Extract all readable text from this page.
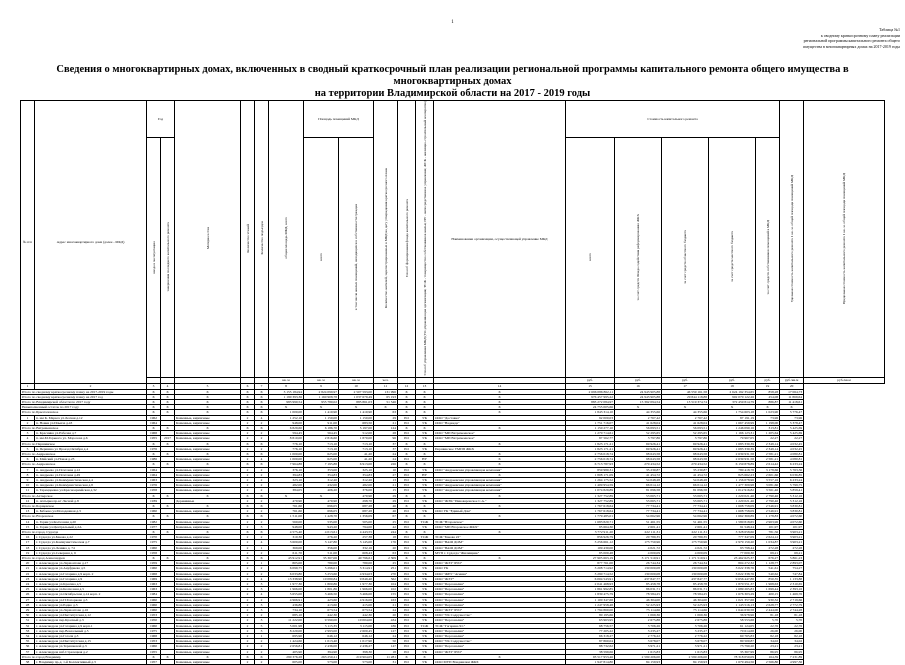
1
Таблица №1
к сводному краткосрочному плану реализации
региональной программы капитального ремонта общего
имущества в многоквартирных домах на 2017-2019 годы
Сведения о многоквартирных домах, включенных в сводный краткосрочный план реализации региональной программы капитального ремонта общего имущества в многоквартирных домах
на территории Владимирской области на 2017 - 2019 годы
№ п/п	Адрес многоквартирного дома (далее - МКД)	Год		Материал стен	Количество этажей	Количество подъездов	общая площадь МКД, всего	Площадь помещений МКД		Количество жителей, зарегистрированных в МКД на дату утверждения краткосрочного плана	Способ формирования фонда капитального ремонта	Способ управления МКД (УО-управляющая организация; ТСЖ - товарищество собственников жилья; НУ - непосредственное управление; ЖСК - жилищно-строительный кооператив)	Наименование организации, осуществляющей управление МКД	Стоимость капитального ремонта					Удельная стоимость капитального ремонта 1 кв. м. общей площади помещений МКД	Предельная стоимость капитального ремонта 1 кв. м. общей площади помещений МКД
		ввода в эксплуатацию	завершения последнего капитального ремонта					всего	в том числе жилых помещений, находящихся в собственности граждан					всего	за счет средств Фонда содействия реформированию ЖКХ	за счет средств областного бюджета	за счет средств местного бюджета	за счет средств собственников помещений в МКД		
							кв. м	кв. м	кв. м	чел.				руб.	руб.	руб.	руб.	руб.	руб./кв.м	руб./кв.м
1	2	3	4	5	6	7	8	9	10	11	12	13	14	15	16	17	18	19	20	
Итого по сводному краткосрочному плану на 2017-2019 годы		X	X	X	X	X	3 155 184,94	2 824 099,97	2 507 593,00	131 996	X	X	X	2 696 086 862,11	24 943 905,88	46 559 161,58	2 624 192 354,65	858,28	17 064,73	
Итого по сводному краткосрочному плану на 2017 год		X	X	X	X	X	1 190 393,36	1 160 908,78	1 037 679,49	65 193	X	X	X	976 457 995,22	24 943 905,88	29 844 118,88	902 070 122,26	454,08	11 869,64	
Итого по Владимирской области по 2017 году		X	X	X	X	X	983 990,54	955 780,02	885 861,03	51 546	X	X	X	883 272 084,97	15 392 094,54	13 519 374,74	372 459 814,79	886,87	11 418,61	
Невыполненный остаток по 2017 году		X	X	X	X	X	X	X	X	X	X	X	X	24 755 005,66	X	X	X	X	X	
Итого по Брызгаловское		X	X	X	X	X	1 000,00	1 410,90	1 410,90	63	X	X	X	1 843 314,10	44 355,66	44 355,66	1 754 603,18	1 023,90	5 776,47	
1	п. им К. Маркса ул.Лесная д.12	1962		Каменные, кирпичные	2	4	1 252,10	1 150,00	1 150,00	29	РО	УК	ООО "Доставка"	92 000,03	2 767,42	2 767,42	87 191,19	73,96	73,96	
2	п. Новки ул.Ильича д.43	1964		Каменные, кирпичные	2	2	948,00	911,00	683,50	21	РО	УК	ООО "Надежда"	1 751 716,07	41 628,04	41 628,04	1 667 459,99	1 198,00	5 378,47	
Итого по Ватрамеевское		X	X	X	X	X	6 829,60	6 186,70	5 197,00	124	X	X	X	1 150 277,10	56 093,51	56 093,51	1 246 090,16	313,81	5 425,69	
3	п. Краснина ул.Рабочая д.7	1968		Каменные, кирпичные	2	2	594,45	564,45	512,00	28	РО	УК	ООО "МП Ватрамеевское"	1 270 714,61	52 295,65	52 295,65	1 166 123,31	1 205,64	5 425,69	
4	п. им.М.Горького ул. Морозова д.6	1955	2017	Каменные, кирпичные	2	2	8 810,00	2 816,60	1 870,00	96	РО	УК	ООО "МП Ватрамеевское"	87 562,77	3 797,86	3 797,86	79 967,05	22,27	22,27	
Итого по Першинское		X	X	X	X	X	776,10	713,10	713,10	37	X	X	X	1 823 171,21	69 926,41	69 926,41	1 683 330,39	2 349,14	4 032,45	
5	п. Першино ул Проезд Октября д.4	1976		Каменные, кирпичные	2	2	776,10	713,10	713,10	37	РО	УК	Першинское УМПП ЖКХ	1 823 171,21	69 926,41	69 926,41	1 683 330,39	2 349,14	4 032,45	
Итого по Андреевское		X	X	X	X	X	1 000,00	625,00	41,20	24	X	X	X	2 756 018,74	98 643,58	98 643,58	2 639 931,58	2 581,21	4 080,81	
6	п. Майский ул.Новая д.23	1986		Каменные, кирпичные	2	4	1 000,00	625,00	41,20	24	РО	НУ	X	2 756 018,74	98 643,58	98 643,58	2 639 931,58	2 581,21	4 080,81	
Итого по Андреевское		X	X	X	X	X	7 964,88	7 195,88	6 913,00	226	X	X	X	6 713 787,93	270 434,52	270 434,52	6 159 878,89	2 614,42	6 233,24	
7	п. Андреево ул.Почтовая д.12	1964		Каменные, кирпичные	2	2	376,10	353,00	325,10	10	РО	УК	ООО "Андреевская управляющая компания"	859 980,31	35 230,87	35 230,87	780 418,78	3 178,66	5 763,36	
8	п. Андреево ул.Почтовая д.49	1964		Каменные, кирпичные	2	2	394,83	354,83	354,83	27	РО	НУ	X	1 808 171,09	41 454,72	41 454,72	825 662,23	2 601,66	6 036,85	
9	п. Андреево ул.Коммунистическая д.4	1963		Каменные, кирпичные	2	2	323,10	312,20	312,20	13	РО	УК	ООО "Андреевская управляющая компания"	1 264 175,52	54 048,28	54 048,28	1 156 078,96	3 557,16	6 233,24	
10	п. Андреево ул.Коммунистическая д.8	1976		Каменные, кирпичные	2	2	482,00	432,00	482,00	21	РО	УК	ООО "Андреевская управляющая компания"	1 409 954,59	66 014,12	66 014,12	1 477 309,98	3 081,66	5 799,75	
11	п. Теремдеевка ул.Красноармейская д.32	1958		Каменные, кирпичные	2	2	384,05	406,20	376,00	15	РО	УК	ООО "Андреевская управляющая компания"	1 074 829,89	81 096,58	81 096,58	1 012 916,82	3 561,46	5 859,41	
Итого по Ахтырское		X	X	X	X	X	X	X	470,90	29	X	X	X	1 327 752,89	53 065,71	53 065,71	1 220 021,46	2 790,46	5 312,16	
12	п. Ахтырка пр-кт Лесной д.8	1939		Деревянные	2	2	470,90	470,90	298,70	29	РО	УК	ООО "ЖЭК "Пивоваровское С.А."	1 327 752,89	53 065,71	53 065,71	1 220 021,46	2 790,46	5 312,16	
Итого по Борщевское		X	X	X	X	X	761,60	696,05	687,28	46	X	X	X	1 767 618,64	77 734,41	77 734,41	1 608 758,09	2 546,91	3 830,81	
13	п. Бабаево ул.Молодежная д.3	1960		Каменные, кирпичные	2	2	761,60	696,05	687,28	46	РО	УК	ООО УК "Единый Дом"	1 767 618,64	77 734,41	77 734,41	1 608 758,09	2 546,91	3 830,81	
Итого по Второвское		X	X	X	X	X	1 511,00	1 428,70	1 356,09	67	X	X	X	1 779 485,01	54 062,96	54 062,96	1 662 369,89	1 178,83	4 072,60	
14	п. Горки ул.Колхозная д.20	1982		Каменные, кирпичные	2	2	560,00	535,00	505,00	25	РО	ТСЖ	ТСЖ "Второвское"	1 683 820,71	51 461,55	51 461,55	1 580 818,65	2 963,96	4 072,60	
15	п. Горки ул.Центральный д.2А	1977		Каменные, кирпичные	2	3	948,00	943,20	794,00	42	РО	УК	ООО "МП Второвское ЖКХ"	95 664,30	2 601,41	2 601,41	91 548,24	101,97	101,97	
Итого по город. Судогда		X	X	X	X	X	4 575,40	4 013,61	4 443,55	244	X	X	X	3 772 911,20	222 111,31	222 111,31	3 328 658,66	781,56	3 903,21	
16	г. Судогда ул.Бакова д.22	1970		Каменные, кирпичные	2	2	310,30	276,20	257,38	18	РО	ТСЖ	ТСЖ "Бакова 22"	856 926,79	20 789,35	20 789,35	777 347,09	2 624,12	3 903,21	
17	г. Судогда ул.Коммунистическая д.7	1975		Каменные, кирпичные	2	4	3 600,00	3 147,80	3 145,00	176	РО	УК	ООО "ВАШ ДОМ"	3 256 661,12	173 750,96	173 750,96	2 979 159,20	1 034,87	3 903,21	
18	г. Судогда ул.Ленина д. 74	1960		Каменные, кирпичные	2	1	369,00	356,00	332,16	20	РО	УК	ООО "ВАШ ДОМ"	109 430,00	4 021,72	4 021,72	93 798,44	272,28	272,28	
19	г. Судогда ул.Северная д. 6	1958		Каменные, кирпичные	2	2	611,70	511,00	608,43	63	РО	УК	МУП г. Судогда "Жилищник"	85 000,48	4 000,09	4 000,09	77 000,30	69,21	69,21	
Итого по город Александров		X	X	X	X	X	43 912,91	35 367,06	40 796,61	2 309	X	X	X	27 905 663,19	3 171 510,91	1 171 510,91	23 462 625,37	676,27	5 861,23	
20	г. Александров ул.Лермонтова д.17	1959		Каменные, кирпичные	2	1	805,00	780,00	780,00	25	РО	УК	ООО "ЖЭУ ЧУО"	877 761,00	26 744,34	26 744,34	804 272,32	1 128,77	2 893,07	
21	г. Александров ул.Ануфриева д.5	1960		Каменные, кирпичные	2	2	6 099,75	5 296,01	3 314,91	251	РО	УК	ООО УК	3 208 714,92	130 000,08	130 000,08	3 022 338,76	541,61	754,27	
22	г. Александров ул.Гагарина д.9 корп. 2	1968		Каменные, кирпичные	2	2	6 033,80	5 253,60	4 934,03	270	РО	УК	ООО "ЖЕУ "Агения"	3 290 714,52	130 000,08	130 000,08	3 022 338,76	540,62	747,84	
23	г. Александров ул.Гагарина д.9	1969		Каменные, кирпичные	2	4	13 338,90	10 080,84	9 849,40	562	РО	УК	ООО "ЖЭУ"	6 004 543,91	437 847,77	437 847,77	9 656 447,88	850,35	1 133,88	
24	г. Александров ул.Красина д.5	1963		Каменные, кирпичные	2	3	1 977,30	1 800,86	1 977,30	104	РО	УК	ООО "Персоналия"	2 041 468,93	85 458,78	85 458,78	1 870 551,37	1 968,63	2 310,65	
25	г. Александров ул.Колхозная д.5	1963		Каменные, кирпичные	2	3	1 966,00	1 801,86	1 966,00	102	РО	УК	ООО "Персоналия"	1 861 992,85	86 031,71	86 031,71	1 689 265,83	1 699,44	2 393,16	
26	г. Александров ул.Октябрьская д.14 корп. 2	1984		Каменные, кирпичные	2	4	5 655,00	3 466,50	3 466,00	155	РО	УК	ООО "Персоналия"	1 839 475,79	78 584,25	78 584,25	1 676 303,29	400,15	1 469,76	
27	г. Александров ул.П.Топоркова д.3	1960		Каменные, кирпичные	2	2	4 966,91	423,60	4 916,00	163	РО	УК	ООО "Персоналия"	1 100 347,68	46 304,00	46 304,00	1 021 357,68	930,32	2 719,66	
28	г. Александров ул.Радио д.3	1960		Каменные, кирпичные	2	3	436,80	413,60	415,00	21	РО	УК	ООО "Персоналия"	1 247 958,48	52 225,93	52 225,93	1 143 516,13	2 628,77	2 772,79	
29	г. Александров ул.Лермонтова д.16	1960		Каменные, кирпичные	2	3	734,10	673,54	673,54	24	РО	УК	ООО "ЖЭУ ЧУО"	1 794 860,00	75 114,66	75 114,66	1 644 630,58	2 444,00	2 744,28	
30	г. Александров ул.Институтская д.12	1953		Каменные, кирпичные	2	2	685,10	442,30	442,30	20	РО	УК	ООО "УК Содружество"	80 195,66	1 069,36	1 069,36	36 978,96	81,18	81,18	
31	г. Александров пер.Красный д.3	1950		Каменные, кирпичные	2	3	11 222,00	9 590,00	10 004,00	434	РО	УК	ООО "Персоналия"	63 963,95	2 675,88	2 675,88	58 553,68	5,70	5,70	
32	г. Александров ул.Гагарина д.9 корп.1	1960		Каменные, кирпичные	2	5	5 001,98	5 115,35	3 115,00	186	РО	ТСЖ	ТСЖ "Гагарина 9/1"	68 756,57	3 706,26	3 706,26	61 124,05	22,76	22,76	
33	г. Александров пер.Вокзальный д.5	1975		Каменные, кирпичные	2	3	8 220,00	2 993,00	2 600,45	127	РО	УК	ООО "Персоналия"	77 205,22	3 235,27	3 235,27	70 614,68	26,00	26,00	
34	г. Александров ул.Гоголя д.3	1968		Каменные, кирпичные	2	1	695,90	646,12	646,12	24	РО	УК	ООО "Персоналия"	66 318,27	2 776,22	2 776,22	60 765,83	82,18	82,18	
35	г. Александров ул.Институтская д.15	1953		Каменные, кирпичные	2	2	1 424,60	1 013,40	1 017,90	50	РО	УК	ООО "УК Содружество"	87 860,04	3 678,07	3 678,07	80 500,87	34,02	34,02	
36	г. Александров ул.Терешковой д.3	1960		Каменные, кирпичные	2	2	2 656,81	2 436,00	2 436,27	147	РО	УК	ООО "Персоналия"	88 732,62	3 971,21	3 971,21	73 790,20	23,21	23,21	
37	г. Александров наб.Стрелецкая д.2	1955		Каменные, кирпичные	2	2	405,90	394,90	398,30	18	РО	УК	ООО "ЖЭУ ЧУО"	38 599,66	1 615,83	1 615,83	35 367,99	86,95	86,95	
Итого по город Владимир		X	X	X	X	X	290 376,28	263 250,21	219 904,05	11 281	X	X	X	93 517 953,46	2 599 206,00	2 599 206,00	78 318 050,09	164,39	7 231,89	
38	г. Владимир пр-д. 1-й Коллективный д.3	1957		Каменные, кирпичные	2	2	605,00	573,00	573,00	31	РО	УК	ООО МУП Владжилкм ЖКХ	1 947 814,80	84 159,93	84 159,93	1 679 494,56	2 566,80	4 997,36	
